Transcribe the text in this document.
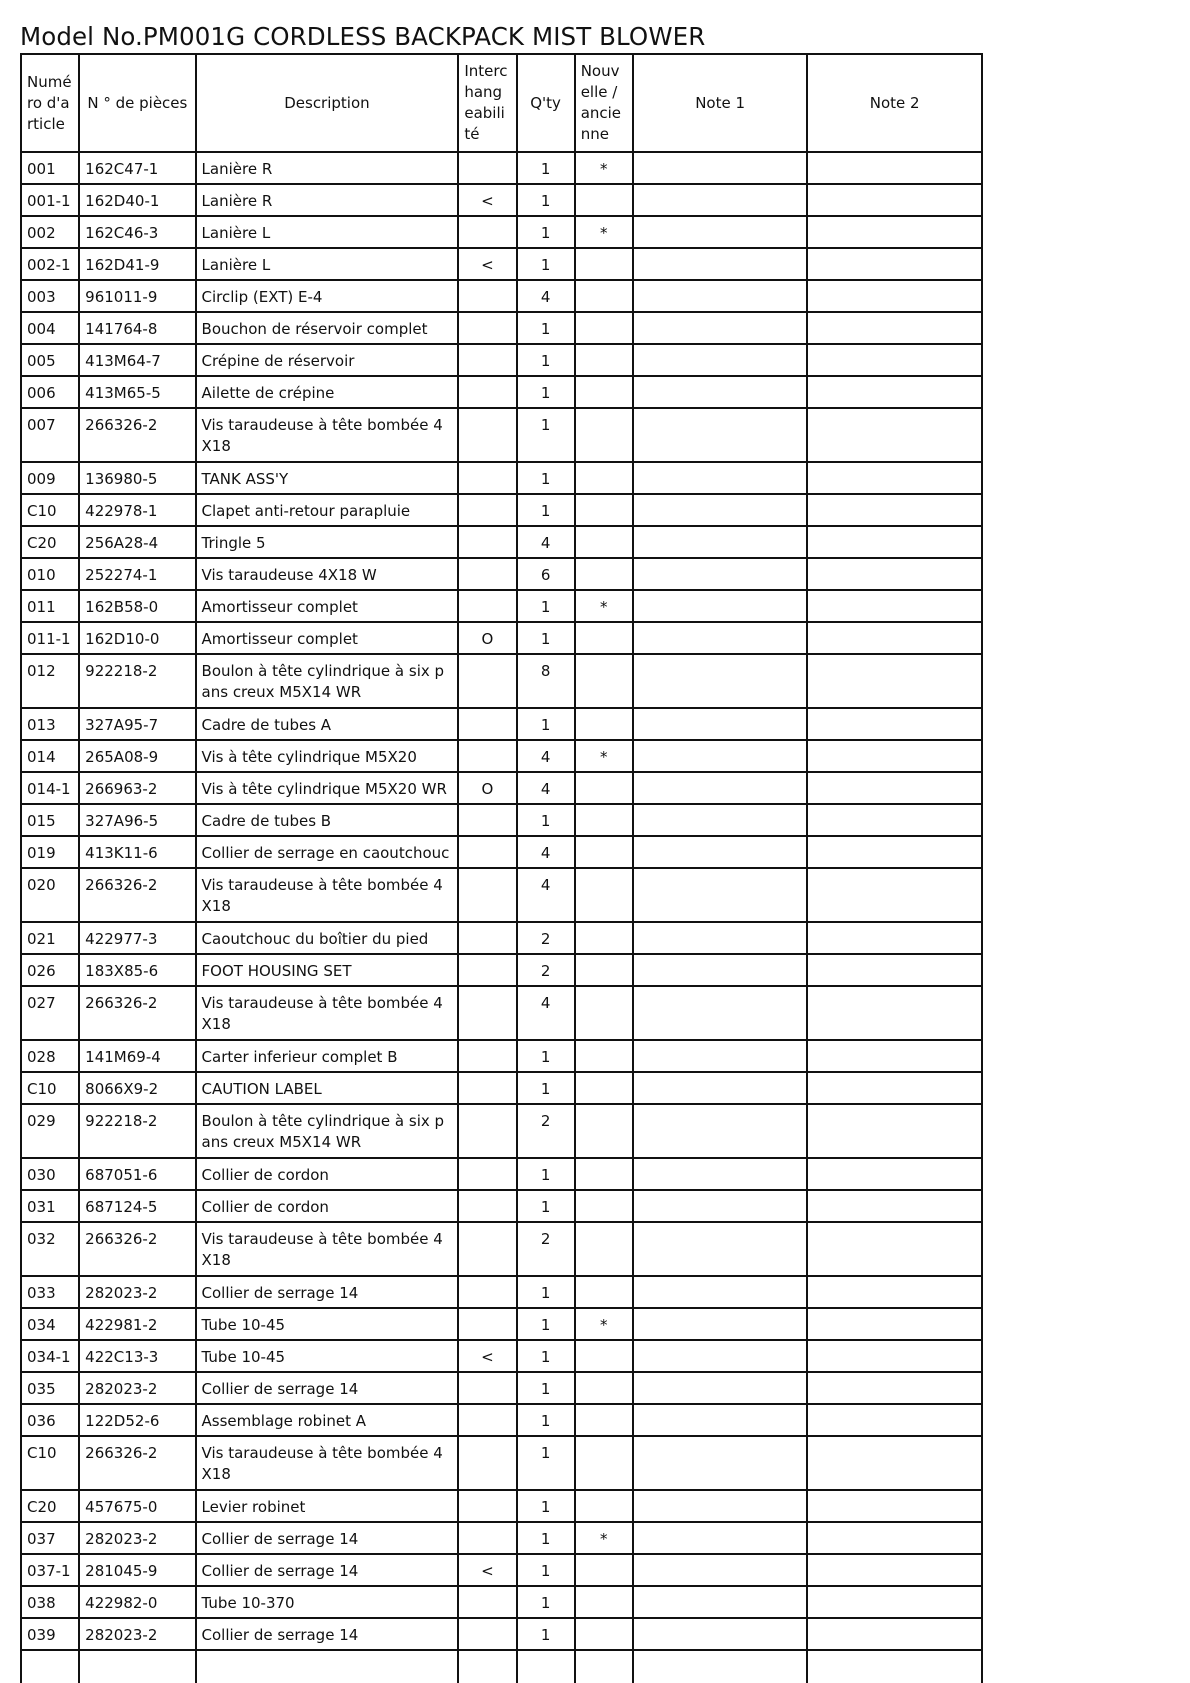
Model No.PM001G CORDLESS BACKPACK MIST BLOWER
Numéro d'article	N ° de pièces	Description	Interchangeabilité	Q'ty	Nouvelle / ancienne	Note 1	Note 2
001	162C47-1	Lanière R		1	*		
001-1	162D40-1	Lanière R	<	1			
002	162C46-3	Lanière L		1	*		
002-1	162D41-9	Lanière L	<	1			
003	961011-9	Circlip (EXT) E-4		4			
004	141764-8	Bouchon de réservoir complet		1			
005	413M64-7	Crépine de réservoir		1			
006	413M65-5	Ailette de crépine		1			
007	266326-2	Vis taraudeuse à tête bombée 4X18		1			
009	136980-5	TANK ASS'Y		1			
C10	422978-1	Clapet anti-retour parapluie		1			
C20	256A28-4	Tringle 5		4			
010	252274-1	Vis taraudeuse 4X18 W		6			
011	162B58-0	Amortisseur complet		1	*		
011-1	162D10-0	Amortisseur complet	O	1			
012	922218-2	Boulon à tête cylindrique à six pans creux M5X14 WR		8			
013	327A95-7	Cadre de tubes A		1			
014	265A08-9	Vis à tête cylindrique M5X20		4	*		
014-1	266963-2	Vis à tête cylindrique M5X20 WR	O	4			
015	327A96-5	Cadre de tubes B		1			
019	413K11-6	Collier de serrage en caoutchouc		4			
020	266326-2	Vis taraudeuse à tête bombée 4X18		4			
021	422977-3	Caoutchouc du boîtier du pied		2			
026	183X85-6	FOOT HOUSING SET		2			
027	266326-2	Vis taraudeuse à tête bombée 4X18		4			
028	141M69-4	Carter inferieur complet B		1			
C10	8066X9-2	CAUTION LABEL		1			
029	922218-2	Boulon à tête cylindrique à six pans creux M5X14 WR		2			
030	687051-6	Collier de cordon		1			
031	687124-5	Collier de cordon		1			
032	266326-2	Vis taraudeuse à tête bombée 4X18		2			
033	282023-2	Collier de serrage 14		1			
034	422981-2	Tube 10-45		1	*		
034-1	422C13-3	Tube 10-45	<	1			
035	282023-2	Collier de serrage 14		1			
036	122D52-6	Assemblage robinet A		1			
C10	266326-2	Vis taraudeuse à tête bombée 4X18		1			
C20	457675-0	Levier robinet		1			
037	282023-2	Collier de serrage 14		1	*		
037-1	281045-9	Collier de serrage 14	<	1			
038	422982-0	Tube 10-370		1			
039	282023-2	Collier de serrage 14		1			
